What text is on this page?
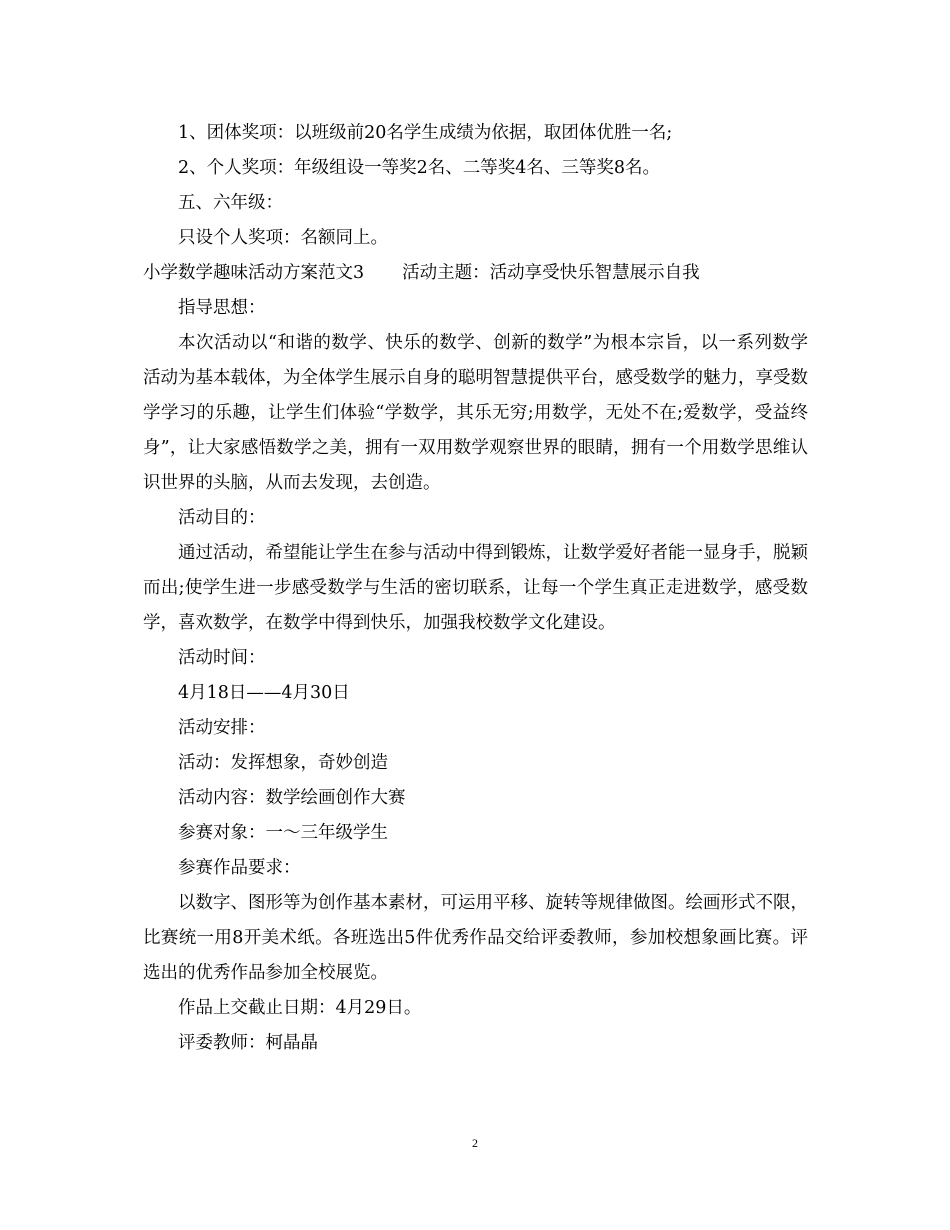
1、团体奖项：以班级前20名学生成绩为依据，取团体优胜一名;

2、个人奖项：年级组设一等奖2名、二等奖4名、三等奖8名。

五、六年级：

只设个人奖项：名额同上。

小学数学趣味活动方案范文3 活动主题：活动享受快乐智慧展示自我

指导思想：

本次活动以“和谐的数学、快乐的数学、创新的数学”为根本宗旨，以一系列数学活动为基本载体，为全体学生展示自身的聪明智慧提供平台，感受数学的魅力，享受数学学习的乐趣，让学生们体验“学数学，其乐无穷;用数学，无处不在;爱数学，受益终身”，让大家感悟数学之美，拥有一双用数学观察世界的眼睛，拥有一个用数学思维认识世界的头脑，从而去发现，去创造。

活动目的：

通过活动，希望能让学生在参与活动中得到锻炼，让数学爱好者能一显身手，脱颖而出;使学生进一步感受数学与生活的密切联系，让每一个学生真正走进数学，感受数学，喜欢数学，在数学中得到快乐，加强我校数学文化建设。

活动时间：

4月18日——4月30日

活动安排：

活动：发挥想象，奇妙创造

活动内容：数学绘画创作大赛

参赛对象：一～三年级学生

参赛作品要求：

以数字、图形等为创作基本素材，可运用平移、旋转等规律做图。绘画形式不限，比赛统一用8开美术纸。各班选出5件优秀作品交给评委教师，参加校想象画比赛。评选出的优秀作品参加全校展览。

作品上交截止日期：4月29日。

评委教师：柯晶晶

2
